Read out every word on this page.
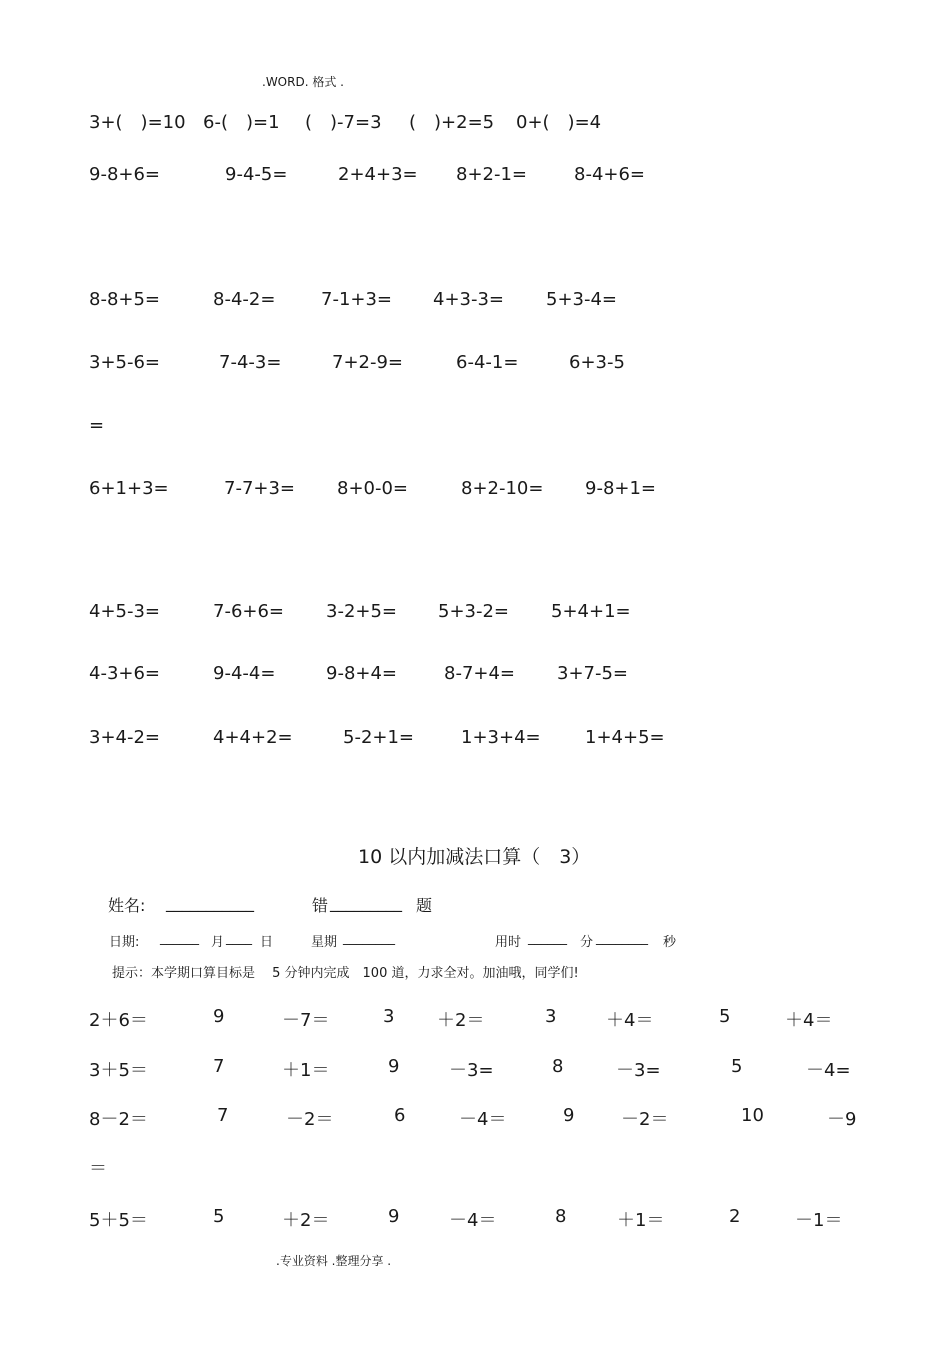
.WORD. 格式 .
3+(　)=10 6-(　)=1 (　)-7=3 (　)+2=5 0+(　)=4
9-8+6=	9-4-5=	2+4+3= 8+2-1=	8-4+6=
8-8+5=	8-4-2=	7-1+3= 4+3-3= 5+3-4=
3+5-6=	7-4-3=	7+2-9=	6-4-1=	6+3-5
=
6+1+3=	7-7+3= 8+0-0=	8+2-10= 9-8+1=
4+5-3=	7-6+6= 3-2+5= 5+3-2= 5+4+1=
4-3+6=	9-4-4=	9-8+4=	8-7+4= 3+7-5=
3+4-2=	4+4+2=	5-2+1=	1+3+4= 1+4+5=
10 以内加减法口算（　3）
姓名: ___________	错 _________ 题
日期: ______ 月 ____ 日	星期 ________	用时 ______ 分 ________ 秒
提示：本学期口算目标是　 5 分钟内完成　100 道，力求全对。加油哦，同学们!
2＋6＝	9	－7＝	3 ＋2＝	3	＋4＝	5	＋4＝
3＋5＝	7	＋1＝	9	－3=	8	－3=	5	－4=
8－2＝	7	－2＝	6	－4＝	9	－2＝	10	－9
＝
5＋5＝	5	＋2＝	9	－4＝	8	＋1＝	2	－1＝
.专业资料 .整理分享 .
